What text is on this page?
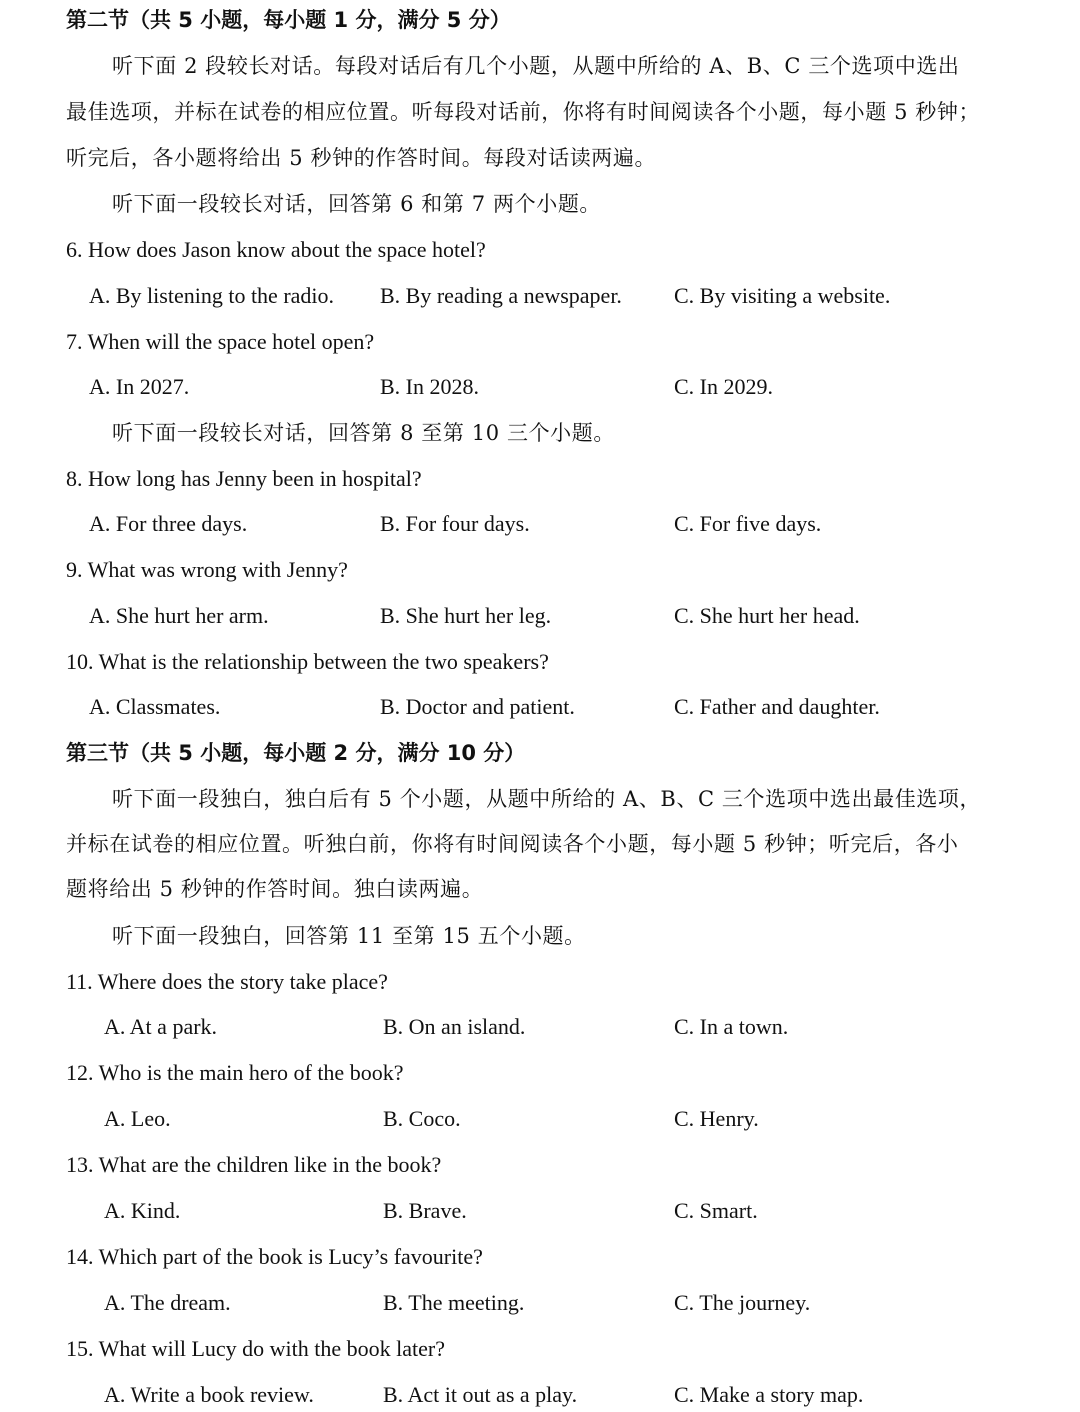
第二节（共 5 小题，每小题 1 分，满分 5 分）
听下面 2 段较长对话。每段对话后有几个小题，从题中所给的 A、B、C 三个选项中选出
最佳选项，并标在试卷的相应位置。听每段对话前，你将有时间阅读各个小题，每小题 5 秒钟；
听完后，各小题将给出 5 秒钟的作答时间。每段对话读两遍。
听下面一段较长对话，回答第 6 和第 7 两个小题。
6. How does Jason know about the space hotel?
A. By listening to the radio. B. By reading a newspaper. C. By visiting a website.
7. When will the space hotel open?
A. In 2027.	B. In 2028.	C. In 2029.
听下面一段较长对话，回答第 8 至第 10 三个小题。
8. How long has Jenny been in hospital?
A. For three days.	B. For four days.	C. For five days.
9. What was wrong with Jenny?
A. She hurt her arm.	B. She hurt her leg.	C. She hurt her head.
10. What is the relationship between the two speakers?
A. Classmates.	B. Doctor and patient.	C. Father and daughter.
第三节（共 5 小题，每小题 2 分，满分 10 分）
听下面一段独白，独白后有 5 个小题，从题中所给的 A、B、C 三个选项中选出最佳选项，
并标在试卷的相应位置。听独白前，你将有时间阅读各个小题，每小题 5 秒钟；听完后，各小
题将给出 5 秒钟的作答时间。独白读两遍。
听下面一段独白，回答第 11 至第 15 五个小题。
11. Where does the story take place?
A. At a park.	B. On an island.	C. In a town.
12. Who is the main hero of the book?
A. Leo.	B. Coco.	C. Henry.
13. What are the children like in the book?
A. Kind.	B. Brave.	C. Smart.
14. Which part of the book is Lucy’s favourite?
A. The dream.	B. The meeting.	C. The journey.
15. What will Lucy do with the book later?
A. Write a book review.	B. Act it out as a play.	C. Make a story map.
